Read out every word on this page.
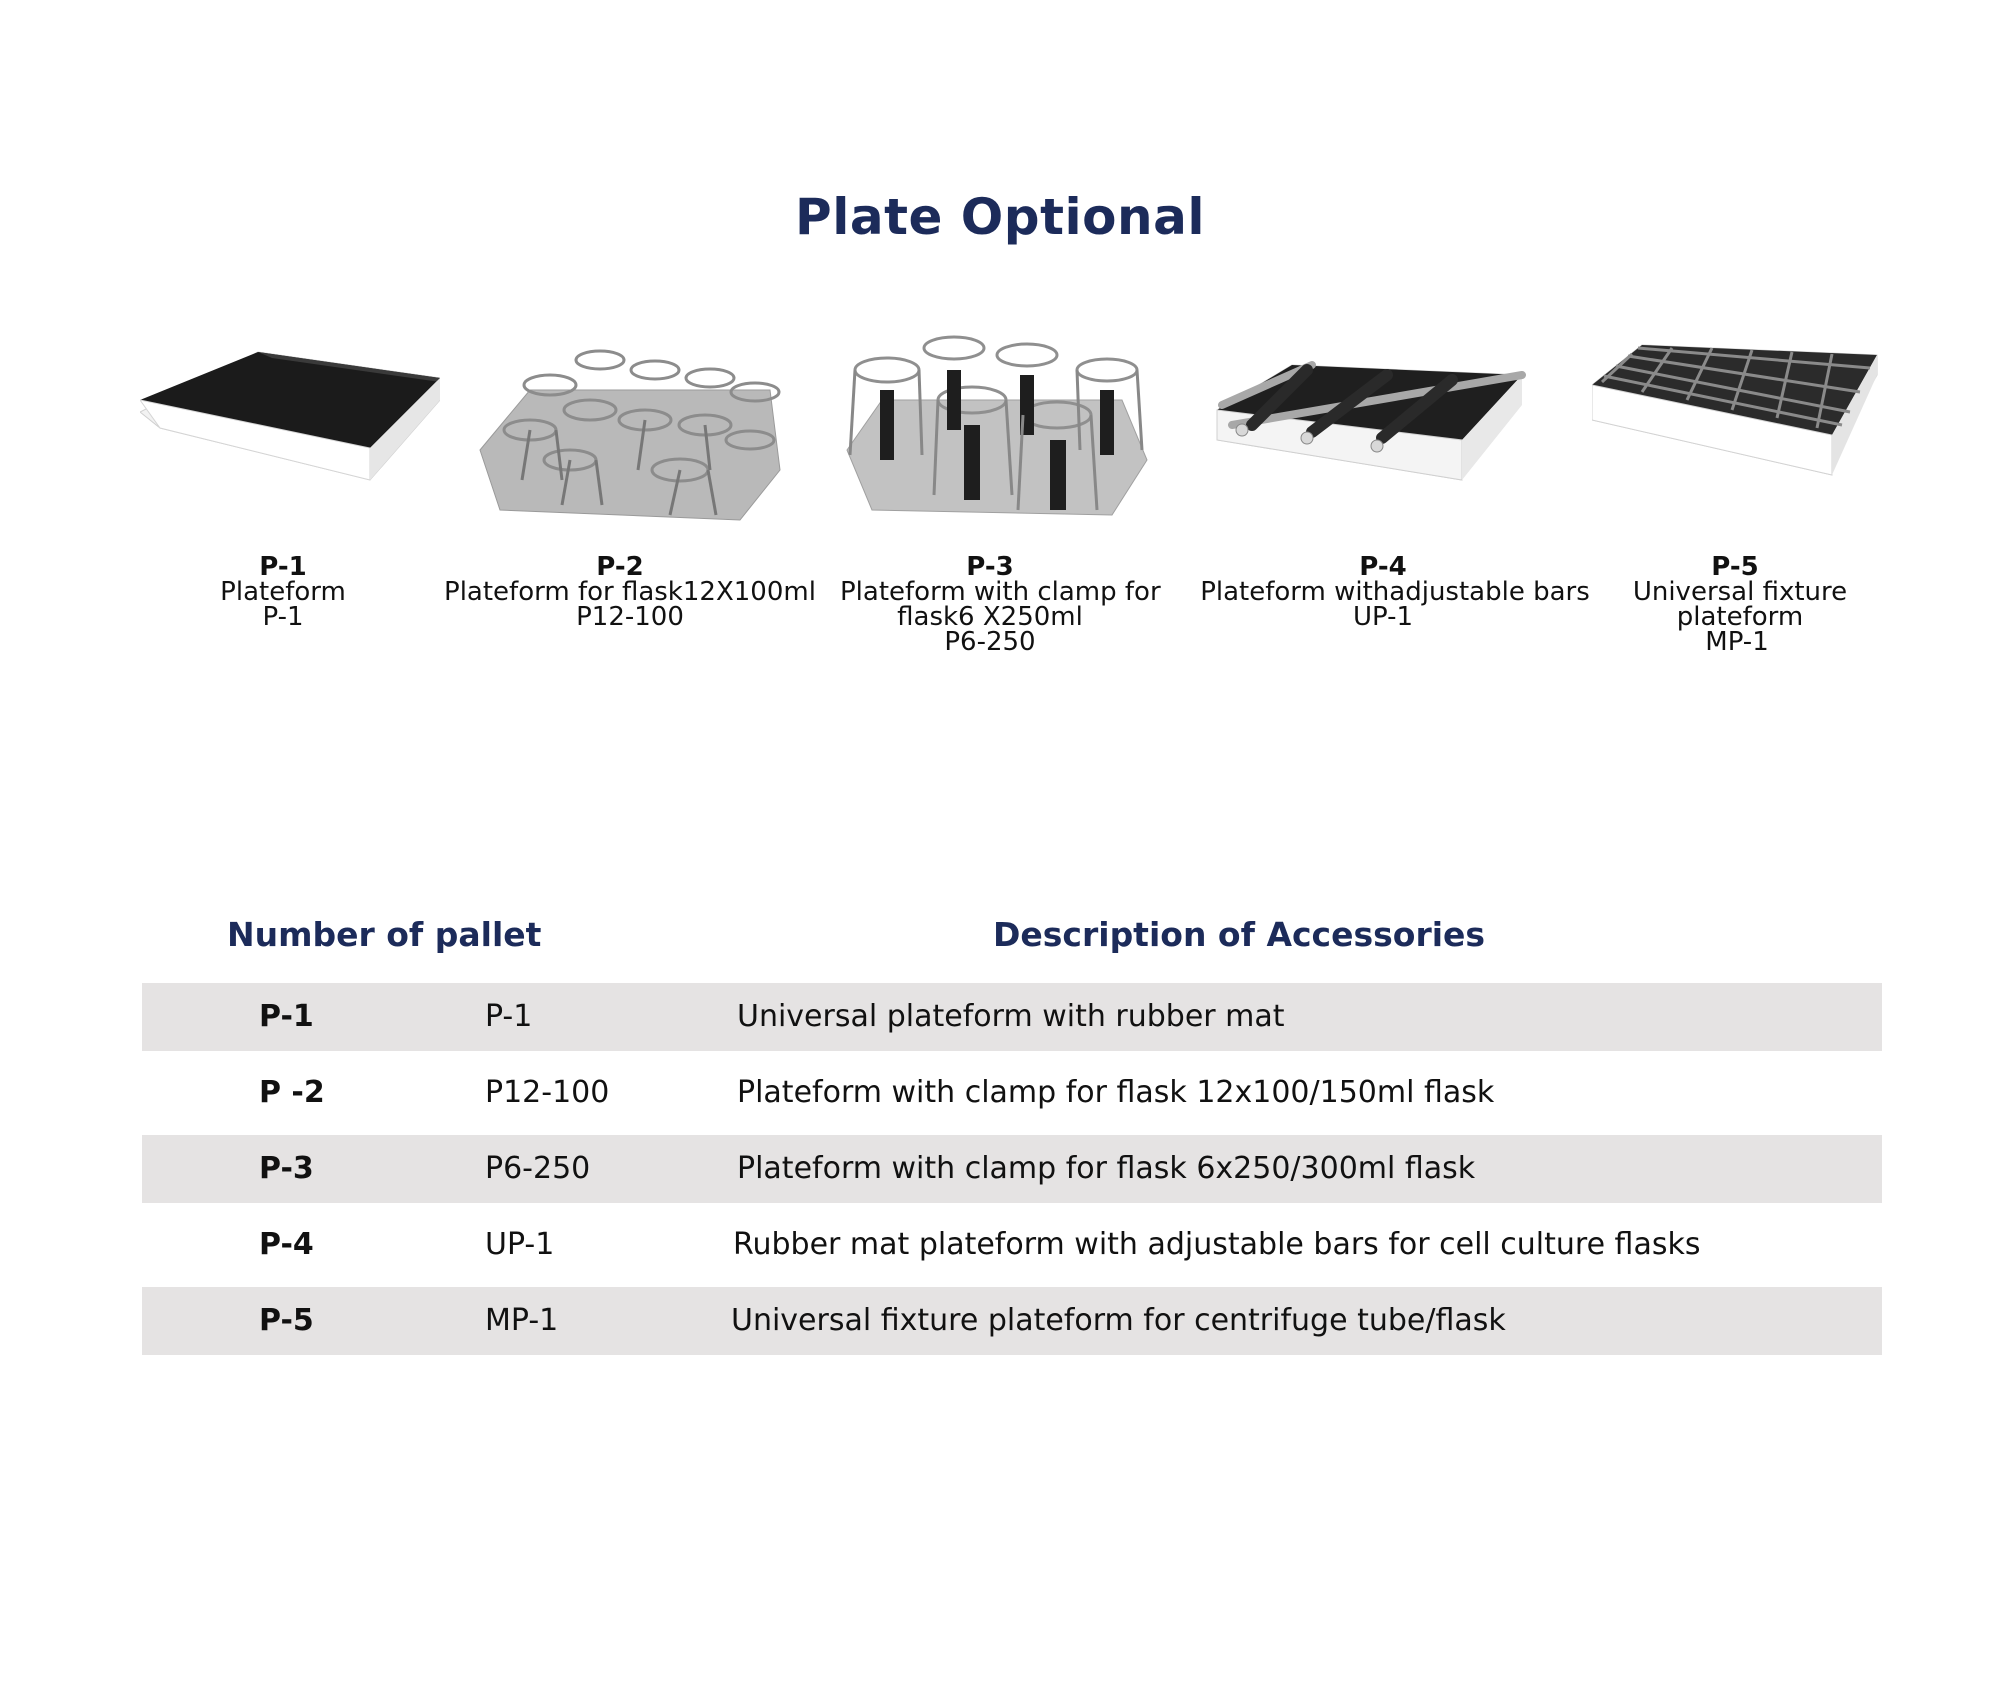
Plate Optional
P-1
Plateform
P-1
P-2
Plateform for flask12X100ml
P12-100
P-3
Plateform with clamp for
flask6 X250ml
P6-250
P-4
Plateform withadjustable bars
UP-1
P-5
Universal fixture
plateform
MP-1
Number of pallet	Description of Accessories
P-1	P-1	Universal plateform with rubber mat
P -2	P12-100	Plateform with clamp for flask 12x100/150ml flask
P-3	P6-250	Plateform with clamp for flask 6x250/300ml flask
P-4	UP-1	Rubber mat plateform with adjustable bars for cell culture flasks
P-5	MP-1	Universal fixture plateform for centrifuge tube/flask
